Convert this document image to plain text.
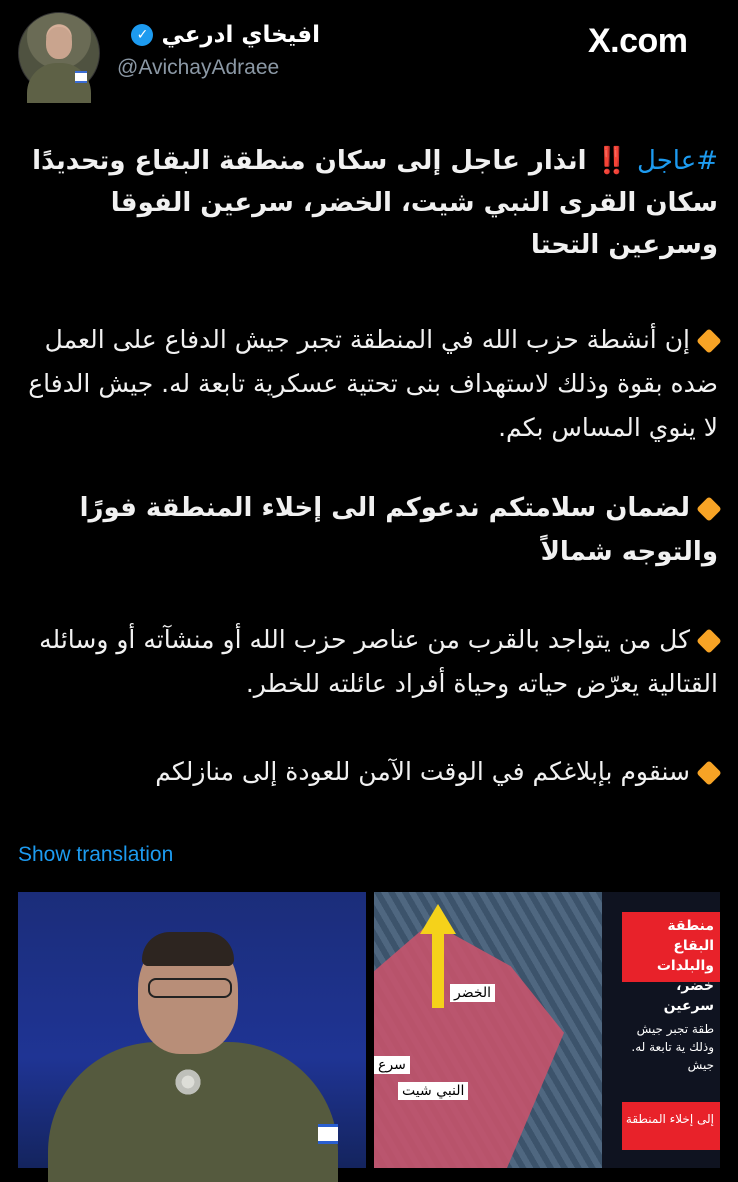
افيخاي ادرعي
✓
@AvichayAdraee
X.com
#عاجل ‼️ انذار عاجل إلى سكان منطقة البقاع وتحديدًا سكان القرى النبي شيت، الخضر، سرعين الفوقا وسرعين التحتا
إن أنشطة حزب الله في المنطقة تجبر جيش الدفاع على العمل ضده بقوة وذلك لاستهداف بنى تحتية عسكرية تابعة له. جيش الدفاع لا ينوي المساس بكم.
لضمان سلامتكم ندعوكم الى إخلاء المنطقة فورًا والتوجه شمالاً
كل من يتواجد بالقرب من عناصر حزب الله أو منشآته أو وسائله القتالية يعرّض حياته وحياة أفراد عائلته للخطر.
سنقوم بإبلاغكم في الوقت الآمن للعودة إلى منازلكم
Show translation
الخضر
سرع
النبي شيت
منطقة البقاع والبلدات خضر، سرعين
طقة تجبر جيش وذلك ية تابعة له. جيش
إلى إخلاء المنطقة
